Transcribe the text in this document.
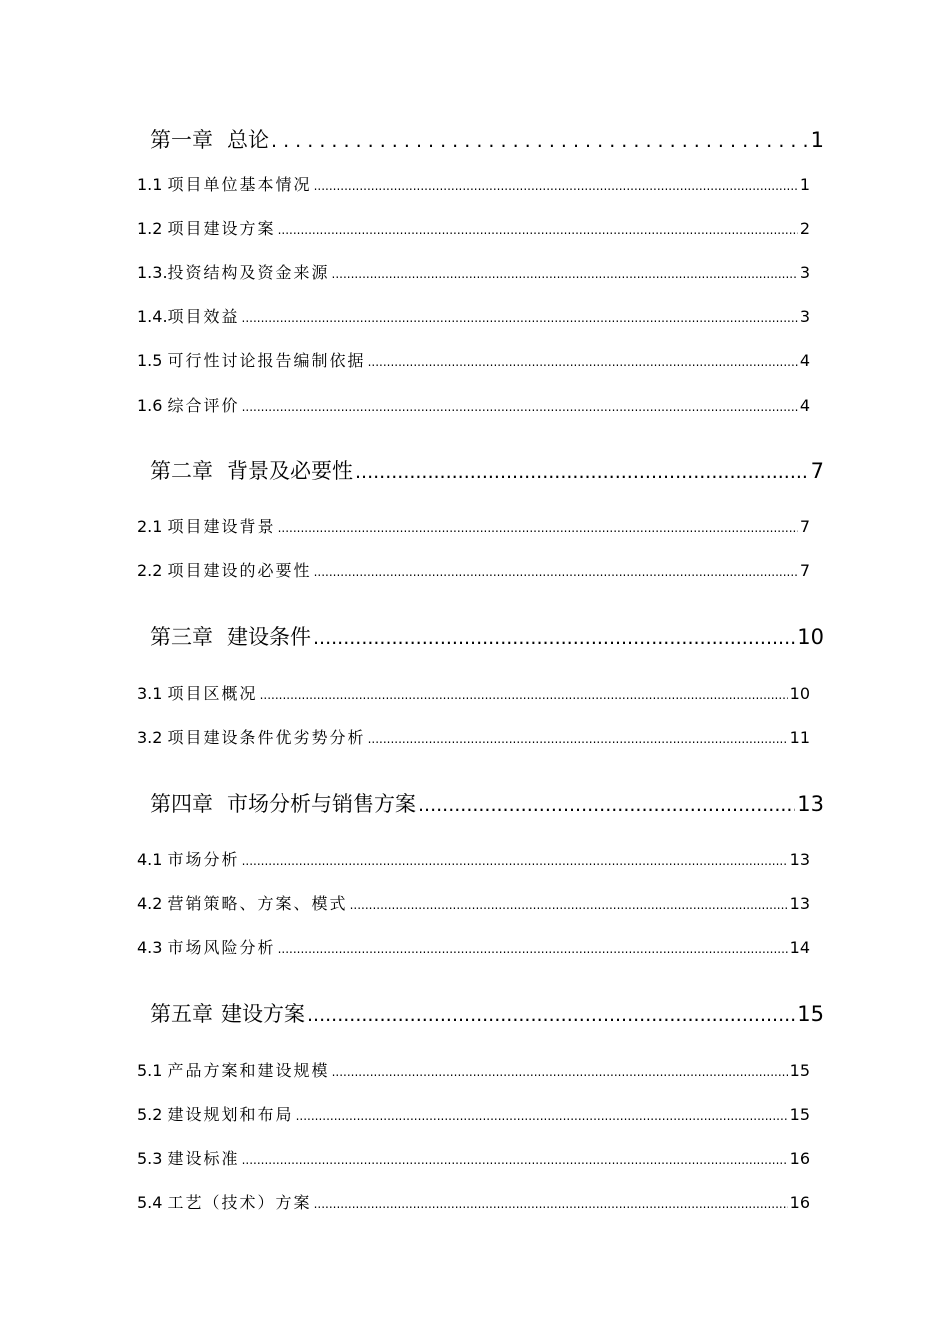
第一章 总论 . . .	1
1.1 项目单位基本情况 .....	1
1.2 项目建设方案 .....	2
1.3.投资结构及资金来源 .....	3
1.4.项目效益 .....	3
1.5 可行性讨论报告编制依据 .....	4
1.6 综合评价 .....	4
第二章 背景及必要性 .....	7
2.1 项目建设背景 .....	7
2.2 项目建设的必要性 .....	7
第三章 建设条件 .....	10
3.1 项目区概况 .....	10
3.2 项目建设条件优劣势分析 .....	11
第四章 市场分析与销售方案 .....	13
4.1 市场分析 .....	13
4.2 营销策略、方案、模式 .....	13
4.3 市场风险分析 .....	14
第五章 建设方案 .....	15
5.1 产品方案和建设规模 .....	15
5.2 建设规划和布局 .....	15
5.3 建设标准 .....	16
5.4 工艺（技术）方案 .....	16
